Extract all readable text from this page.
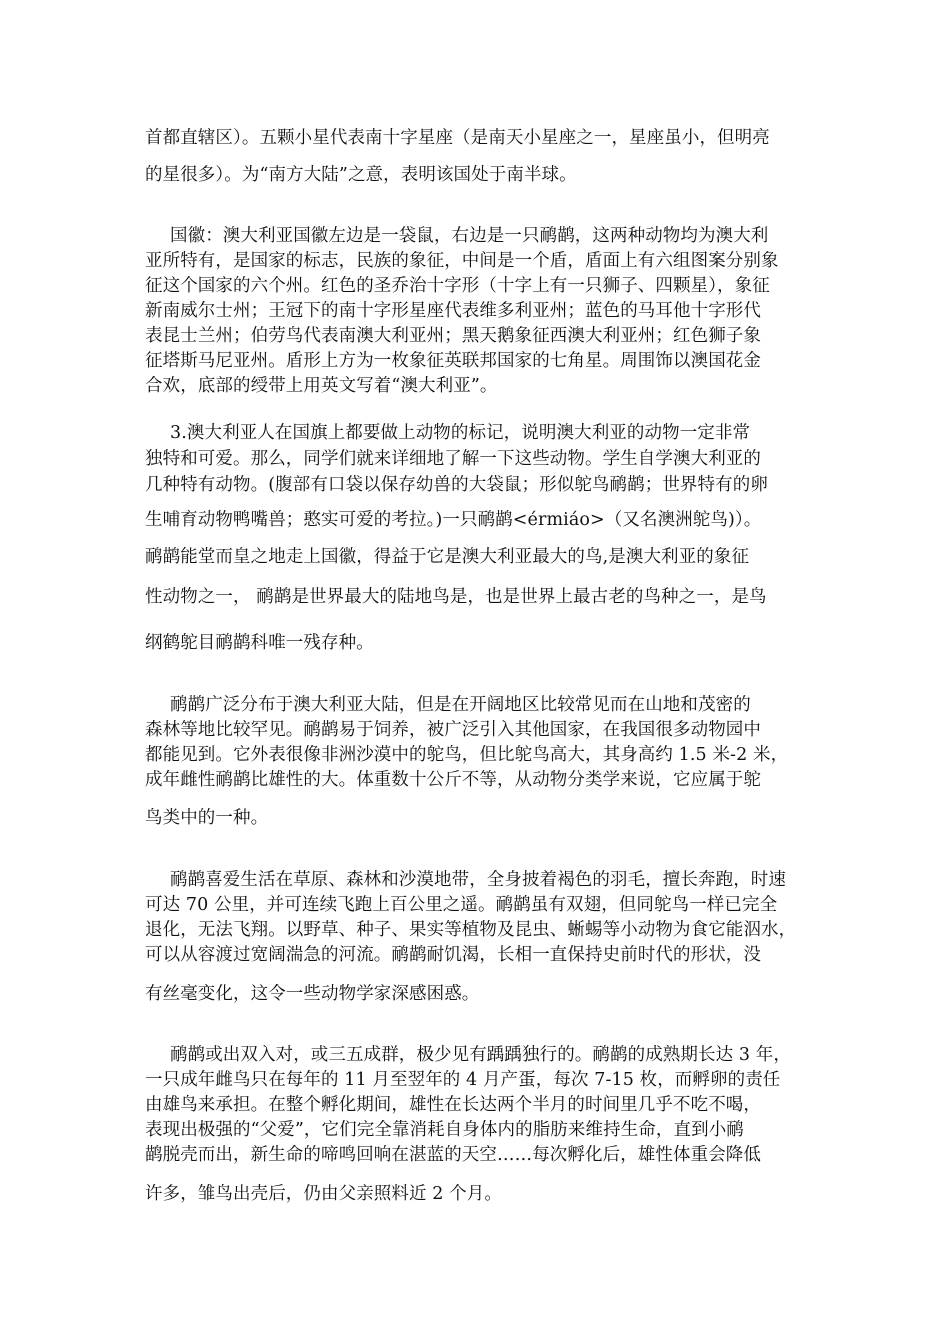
首都直辖区）。五颗小星代表南十字星座（是南天小星座之一，星座虽小，但明亮
的星很多）。为“南方大陆”之意，表明该国处于南半球。
国徽：澳大利亚国徽左边是一袋鼠，右边是一只鸸鹋，这两种动物均为澳大利
亚所特有，是国家的标志，民族的象征，中间是一个盾，盾面上有六组图案分别象
征这个国家的六个州。红色的圣乔治十字形（十字上有一只狮子、四颗星），象征
新南威尔士州；王冠下的南十字形星座代表维多利亚州；蓝色的马耳他十字形代
表昆士兰州；伯劳鸟代表南澳大利亚州；黑天鹅象征西澳大利亚州；红色狮子象
征塔斯马尼亚州。盾形上方为一枚象征英联邦国家的七角星。周围饰以澳国花金
合欢，底部的绶带上用英文写着“澳大利亚”。
3.澳大利亚人在国旗上都要做上动物的标记，说明澳大利亚的动物一定非常
独特和可爱。那么，同学们就来详细地了解一下这些动物。学生自学澳大利亚的
几种特有动物。(腹部有口袋以保存幼兽的大袋鼠；形似鸵鸟鸸鹋；世界特有的卵
生哺育动物鸭嘴兽；憨实可爱的考拉。)一只鸸鹋<érmiáo>（又名澳洲鸵鸟)）。
鸸鹋能堂而皇之地走上国徽，得益于它是澳大利亚最大的鸟,是澳大利亚的象征
性动物之一， 鸸鹋是世界最大的陆地鸟是，也是世界上最古老的鸟种之一，是鸟
纲鹤鸵目鸸鹋科唯一残存种。
鸸鹋广泛分布于澳大利亚大陆，但是在开阔地区比较常见而在山地和茂密的
森林等地比较罕见。鸸鹋易于饲养，被广泛引入其他国家，在我国很多动物园中
都能见到。它外表很像非洲沙漠中的鸵鸟，但比鸵鸟高大，其身高约 1.5 米-2 米，
成年雌性鸸鹋比雄性的大。体重数十公斤不等，从动物分类学来说，它应属于鸵
鸟类中的一种。
鸸鹋喜爱生活在草原、森林和沙漠地带，全身披着褐色的羽毛，擅长奔跑，时速
可达 70 公里，并可连续飞跑上百公里之遥。鸸鹋虽有双翅，但同鸵鸟一样已完全
退化，无法飞翔。以野草、种子、果实等植物及昆虫、蜥蜴等小动物为食它能泅水，
可以从容渡过宽阔湍急的河流。鸸鹋耐饥渴，长相一直保持史前时代的形状，没
有丝毫变化，这令一些动物学家深感困惑。
鸸鹋或出双入对，或三五成群，极少见有踽踽独行的。鸸鹋的成熟期长达 3 年，
一只成年雌鸟只在每年的 11 月至翌年的 4 月产蛋，每次 7-15 枚，而孵卵的责任
由雄鸟来承担。在整个孵化期间，雄性在长达两个半月的时间里几乎不吃不喝，
表现出极强的“父爱”，它们完全靠消耗自身体内的脂肪来维持生命，直到小鸸
鹋脱壳而出，新生命的啼鸣回响在湛蓝的天空……每次孵化后，雄性体重会降低
许多，雏鸟出壳后，仍由父亲照料近 2 个月。
